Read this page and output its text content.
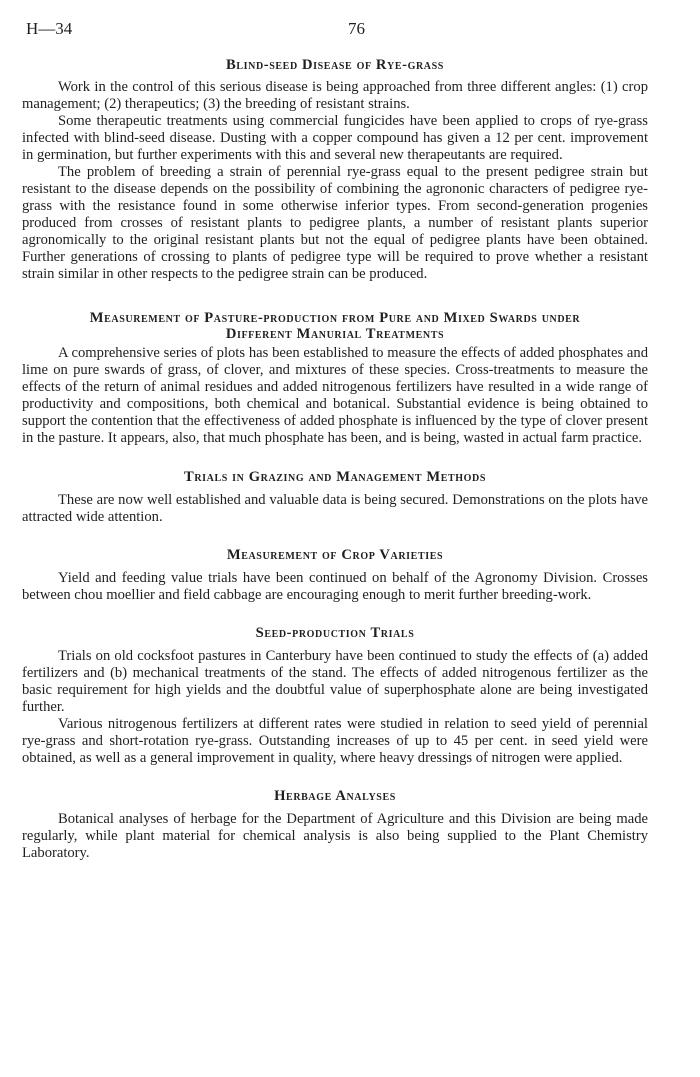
H—34	76
Blind-seed Disease of Rye-grass

Work in the control of this serious disease is being approached from three different angles: (1) crop management; (2) therapeutics; (3) the breeding of resistant strains.

Some therapeutic treatments using commercial fungicides have been applied to crops of rye-grass infected with blind-seed disease. Dusting with a copper compound has given a 12 per cent. improvement in germination, but further experiments with this and several new therapeutants are required.

The problem of breeding a strain of perennial rye-grass equal to the present pedigree strain but resistant to the disease depends on the possibility of combining the agrononic characters of pedigree rye-grass with the resistance found in some otherwise inferior types. From second-generation progenies produced from crosses of resistant plants to pedigree plants, a number of resistant plants superior agronomically to the original resistant plants but not the equal of pedigree plants have been obtained. Further generations of crossing to plants of pedigree type will be required to prove whether a resistant strain similar in other respects to the pedigree strain can be produced.

Measurement of Pasture-production from Pure and Mixed Swards under
Different Manurial Treatments

A comprehensive series of plots has been established to measure the effects of added phosphates and lime on pure swards of grass, of clover, and mixtures of these species. Cross-treatments to measure the effects of the return of animal residues and added nitrogenous fertilizers have resulted in a wide range of productivity and compositions, both chemical and botanical. Substantial evidence is being obtained to support the contention that the effectiveness of added phosphate is influenced by the type of clover present in the pasture. It appears, also, that much phosphate has been, and is being, wasted in actual farm practice.

Trials in Grazing and Management Methods

These are now well established and valuable data is being secured. Demonstrations on the plots have attracted wide attention.

Measurement of Crop Varieties

Yield and feeding value trials have been continued on behalf of the Agronomy Division. Crosses between chou moellier and field cabbage are encouraging enough to merit further breeding-work.

Seed-production Trials

Trials on old cocksfoot pastures in Canterbury have been continued to study the effects of (a) added fertilizers and (b) mechanical treatments of the stand. The effects of added nitrogenous fertilizer as the basic requirement for high yields and the doubtful value of superphosphate alone are being investigated further.

Various nitrogenous fertilizers at different rates were studied in relation to seed yield of perennial rye-grass and short-rotation rye-grass. Outstanding increases of up to 45 per cent. in seed yield were obtained, as well as a general improvement in quality, where heavy dressings of nitrogen were applied.

Herbage Analyses

Botanical analyses of herbage for the Department of Agriculture and this Division are being made regularly, while plant material for chemical analysis is also being supplied to the Plant Chemistry Laboratory.
